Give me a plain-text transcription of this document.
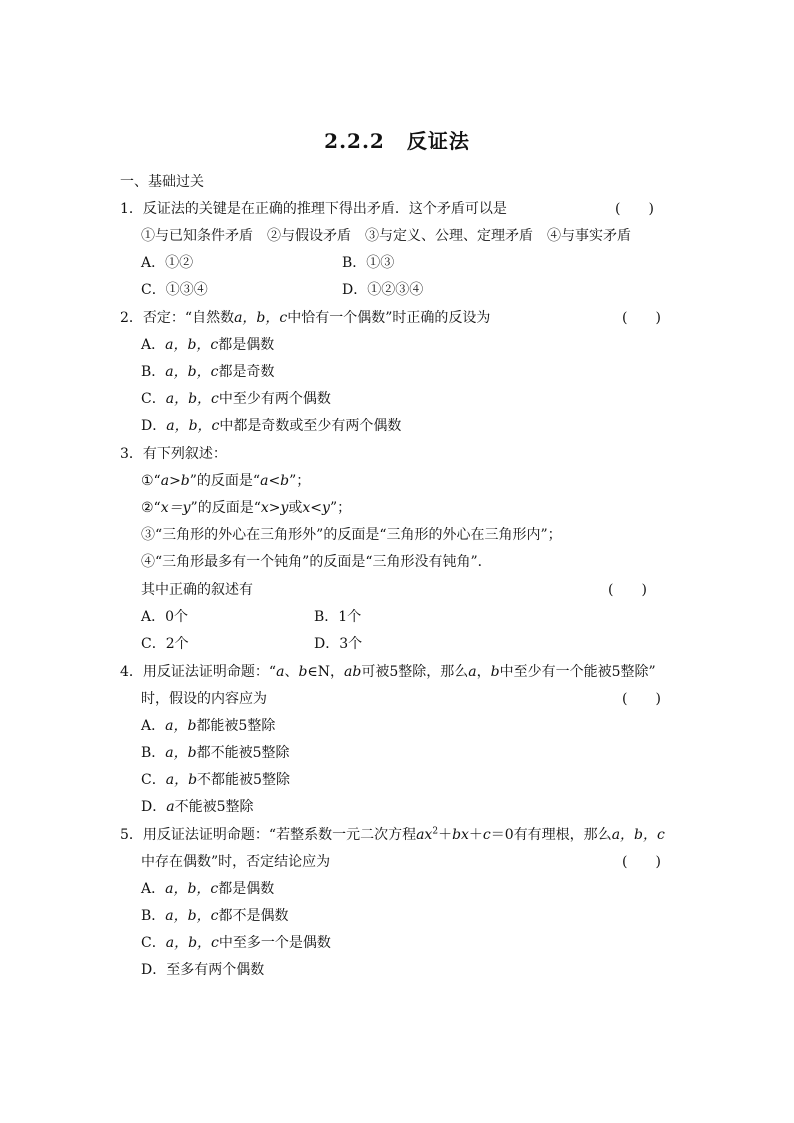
2.2.2 反证法
一、基础过关
1．反证法的关键是在正确的推理下得出矛盾．这个矛盾可以是	(　　)
①与已知条件矛盾　②与假设矛盾　③与定义、公理、定理矛盾　④与事实矛盾
A．①②	B．①③
C．①③④	D．①②③④
2．否定：“自然数a，b，c中恰有一个偶数”时正确的反设为	(　　)
A．a，b，c都是偶数
B．a，b，c都是奇数
C．a，b，c中至少有两个偶数
D．a，b，c中都是奇数或至少有两个偶数
3．有下列叙述：
①“a>b”的反面是“a<b”；
②“x＝y”的反面是“x>y或x<y”；
③“三角形的外心在三角形外”的反面是“三角形的外心在三角形内”；
④“三角形最多有一个钝角”的反面是“三角形没有钝角”．
其中正确的叙述有	(　　)
A．0个	B．1个
C．2个	D．3个
4．用反证法证明命题：“a、b∈N，ab可被5整除，那么a，b中至少有一个能被5整除”
时，假设的内容应为	(　　)
A．a，b都能被5整除
B．a，b都不能被5整除
C．a，b不都能被5整除
D．a不能被5整除
5．用反证法证明命题：“若整系数一元二次方程$ax^2+bx+c=0$有有理根，那么a，b，c
中存在偶数”时，否定结论应为	(　　)
A．a，b，c都是偶数
B．a，b，c都不是偶数
C．a，b，c中至多一个是偶数
D．至多有两个偶数
